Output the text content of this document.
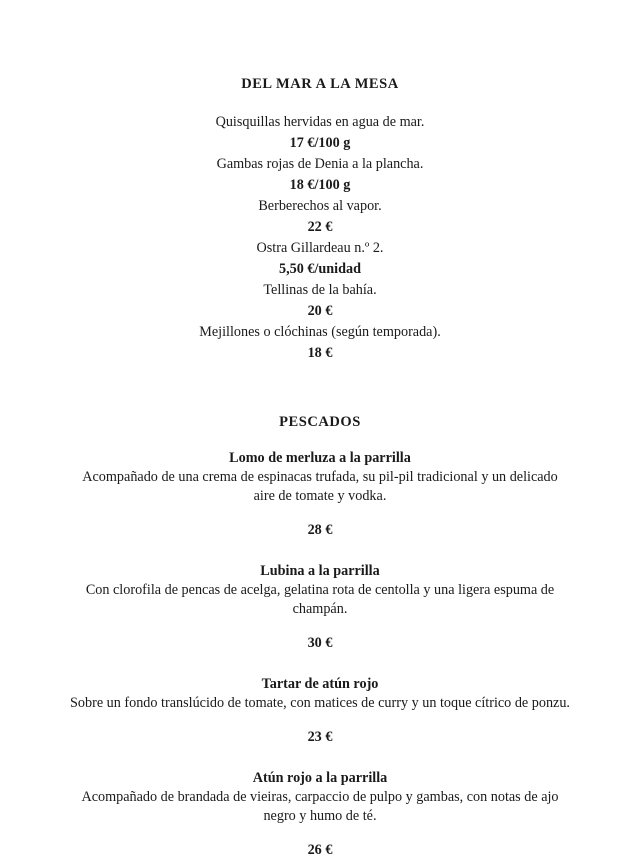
DEL MAR A LA MESA

Quisquillas hervidas en agua de mar.

17 €/100 g

Gambas rojas de Denia a la plancha.

18 €/100 g

Berberechos al vapor.

22 €

Ostra Gillardeau n.º 2.

5,50 €/unidad

Tellinas de la bahía.

20 €

Mejillones o clóchinas (según temporada).

18 €

PESCADOS

Lomo de merluza a la parrilla

Acompañado de una crema de espinacas trufada, su pil-pil tradicional y un delicado aire de tomate y vodka.

28 €

Lubina a la parrilla

Con clorofila de pencas de acelga, gelatina rota de centolla y una ligera espuma de champán.

30 €

Tartar de atún rojo

Sobre un fondo translúcido de tomate, con matices de curry y un toque cítrico de ponzu.

23 €

Atún rojo a la parrilla

Acompañado de brandada de vieiras, carpaccio de pulpo y gambas, con notas de ajo negro y humo de té.

26 €
